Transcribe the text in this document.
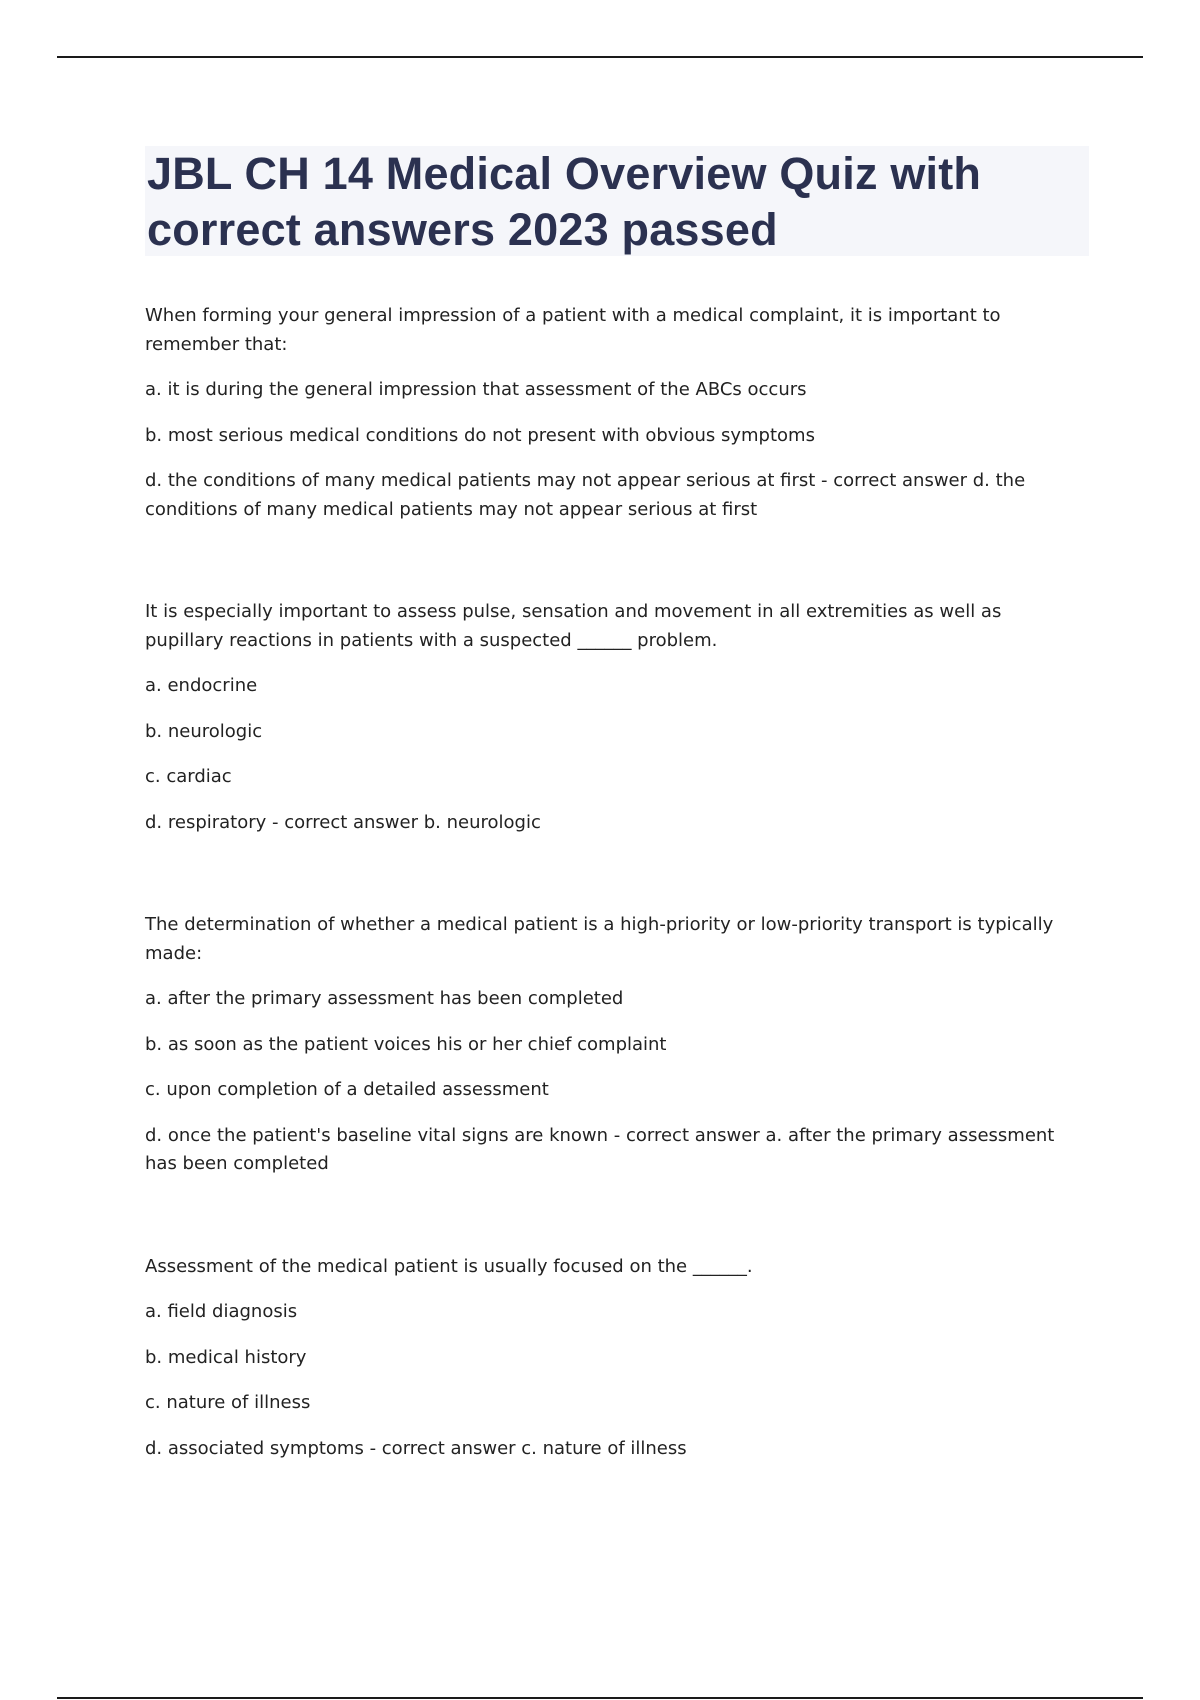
JBL CH 14 Medical Overview Quiz with correct answers 2023 passed

When forming your general impression of a patient with a medical complaint, it is important to remember that:

a. it is during the general impression that assessment of the ABCs occurs

b. most serious medical conditions do not present with obvious symptoms

d. the conditions of many medical patients may not appear serious at first - correct answer d. the conditions of many medical patients may not appear serious at first

It is especially important to assess pulse, sensation and movement in all extremities as well as pupillary reactions in patients with a suspected ______ problem.

a. endocrine

b. neurologic

c. cardiac

d. respiratory - correct answer b. neurologic

The determination of whether a medical patient is a high-priority or low-priority transport is typically made:

a. after the primary assessment has been completed

b. as soon as the patient voices his or her chief complaint

c. upon completion of a detailed assessment

d. once the patient's baseline vital signs are known - correct answer a. after the primary assessment has been completed

Assessment of the medical patient is usually focused on the ______.

a. field diagnosis

b. medical history

c. nature of illness

d. associated symptoms - correct answer c. nature of illness
